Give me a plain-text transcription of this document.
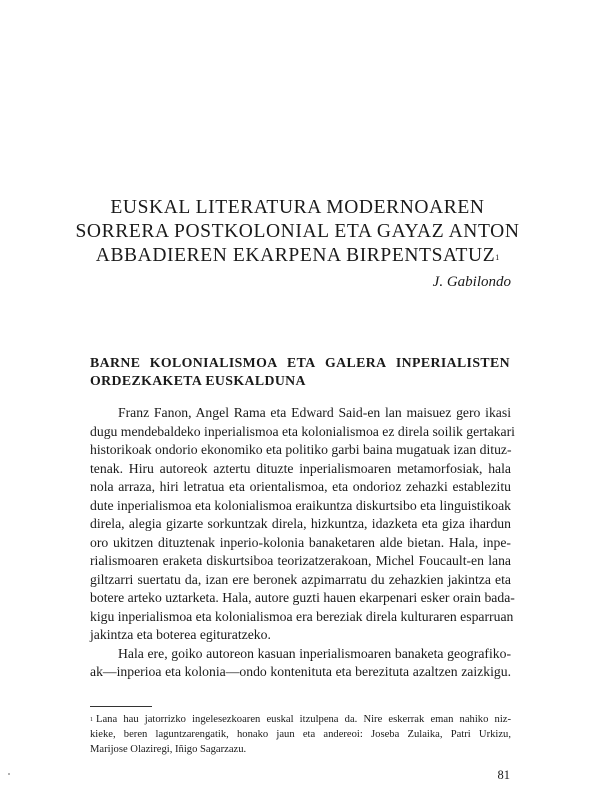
EUSKAL LITERATURA MODERNOAREN
SORRERA POSTKOLONIAL ETA GAYAZ ANTON
ABBADIEREN EKARPENA BIRPENTSATUZ$^1$
J. Gabilondo
BARNE KOLONIALISMOA ETA GALERA INPERIALISTEN
ORDEZKAKETA EUSKALDUNA
Franz Fanon, Angel Rama eta Edward Said-en lan maisuez gero ikasi
dugu mendebaldeko inperialismoa eta kolonialismoa ez direla soilik gertakari
historikoak ondorio ekonomiko eta politiko garbi baina mugatuak izan dituz-
tenak. Hiru autoreok aztertu dituzte inperialismoaren metamorfosiak, hala
nola arraza, hiri letratua eta orientalismoa, eta ondorioz zehazki establezitu
dute inperialismoa eta kolonialismoa eraikuntza diskurtsibo eta linguistikoak
direla, alegia gizarte sorkuntzak direla, hizkuntza, idazketa eta giza ihardun
oro ukitzen dituztenak inperio-kolonia banaketaren alde bietan. Hala, inpe-
rialismoaren eraketa diskurtsiboa teorizatzerakoan, Michel Foucault-en lana
giltzarri suertatu da, izan ere beronek azpimarratu du zehazkien jakintza eta
botere arteko uztarketa. Hala, autore guzti hauen ekarpenari esker orain bada-
kigu inperialismoa eta kolonialismoa era bereziak direla kulturaren esparruan
jakintza eta boterea egituratzeko.
Hala ere, goiko autoreon kasuan inperialismoaren banaketa geografiko-
ak—inperioa eta kolonia—ondo kontenituta eta berezituta azaltzen zaizkigu.
$^1$ Lana hau jatorrizko ingelesezkoaren euskal itzulpena da. Nire eskerrak eman nahiko niz-
kieke, beren laguntzarengatik, honako jaun eta andereoi: Joseba Zulaika, Patri Urkizu,
Marijose Olaziregi, Iñigo Sagarzazu.
81
